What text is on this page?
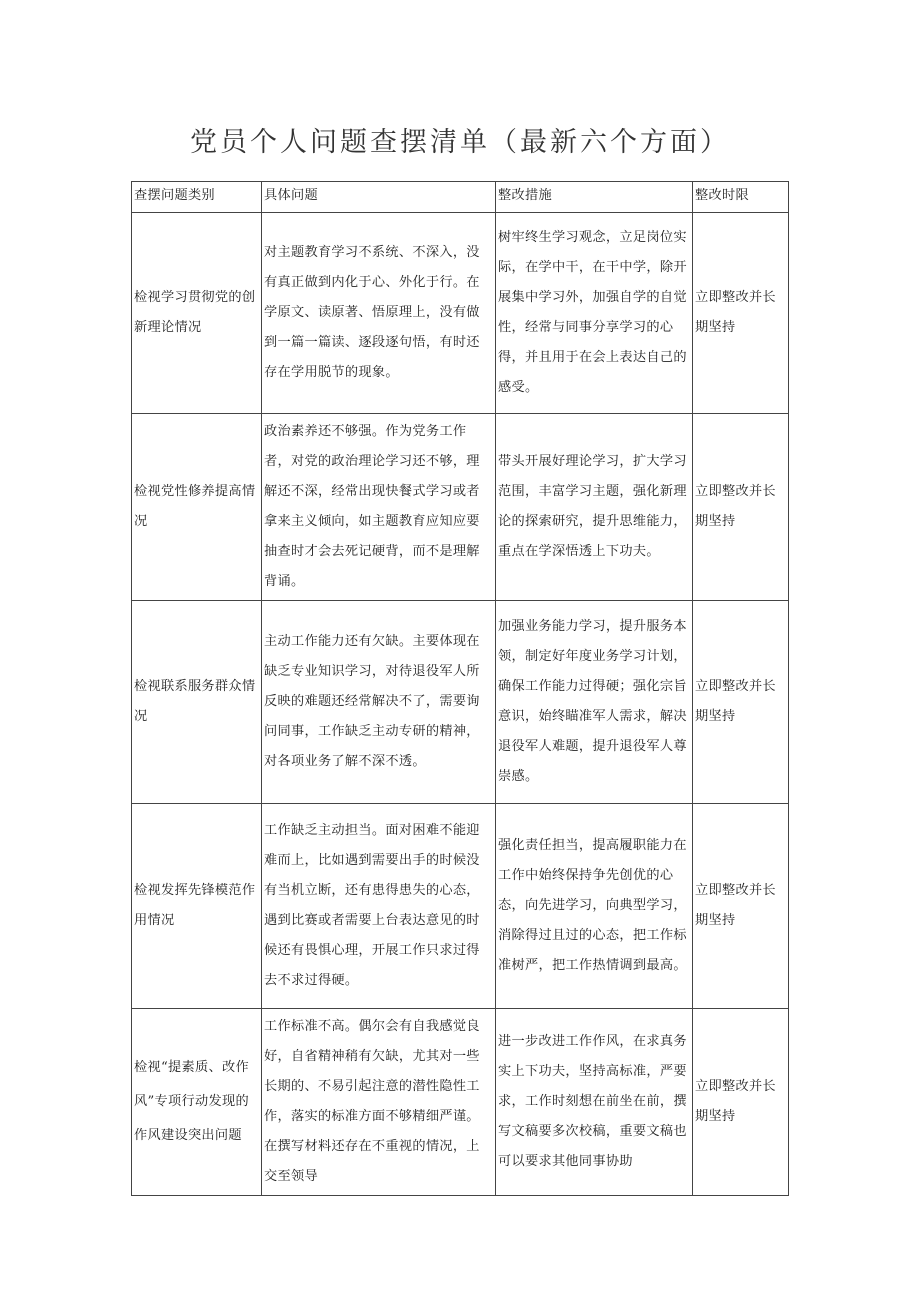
党员个人问题查摆清单（最新六个方面）
查摆问题类别	具体问题	整改措施	整改时限
检视学习贯彻党的创新理论情况	对主题教育学习不系统、不深入，没有真正做到内化于心、外化于行。在学原文、读原著、悟原理上，没有做到一篇一篇读、逐段逐句悟，有时还存在学用脱节的现象。	树牢终生学习观念，立足岗位实际，在学中干，在干中学，除开展集中学习外，加强自学的自觉性，经常与同事分享学习的心得，并且用于在会上表达自己的感受。	立即整改并长期坚持
检视党性修养提高情况	政治素养还不够强。作为党务工作者，对党的政治理论学习还不够，理解还不深，经常出现快餐式学习或者拿来主义倾向，如主题教育应知应要抽查时才会去死记硬背，而不是理解背诵。	带头开展好理论学习，扩大学习范围，丰富学习主题，强化新理论的探索研究，提升思维能力，重点在学深悟透上下功夫。	立即整改并长期坚持
检视联系服务群众情况	主动工作能力还有欠缺。主要体现在缺乏专业知识学习，对待退役军人所反映的难题还经常解决不了，需要询问同事，工作缺乏主动专研的精神，对各项业务了解不深不透。	加强业务能力学习，提升服务本领，制定好年度业务学习计划，确保工作能力过得硬；强化宗旨意识，始终瞄准军人需求，解决退役军人难题，提升退役军人尊崇感。	立即整改并长期坚持
检视发挥先锋模范作用情况	工作缺乏主动担当。面对困难不能迎难而上，比如遇到需要出手的时候没有当机立断，还有患得患失的心态，遇到比赛或者需要上台表达意见的时候还有畏惧心理，开展工作只求过得去不求过得硬。	强化责任担当，提高履职能力在工作中始终保持争先创优的心态，向先进学习，向典型学习，消除得过且过的心态，把工作标准树严，把工作热情调到最高。	立即整改并长期坚持
检视“提素质、改作风”专项行动发现的作风建设突出问题	工作标准不高。偶尔会有自我感觉良好，自省精神稍有欠缺，尤其对一些长期的、不易引起注意的潜性隐性工作，落实的标准方面不够精细严谨。在撰写材料还存在不重视的情况，上交至领导	进一步改进工作作风，在求真务实上下功夫，坚持高标准，严要求，工作时刻想在前坐在前，撰写文稿要多次校稿，重要文稿也可以要求其他同事协助	立即整改并长期坚持
